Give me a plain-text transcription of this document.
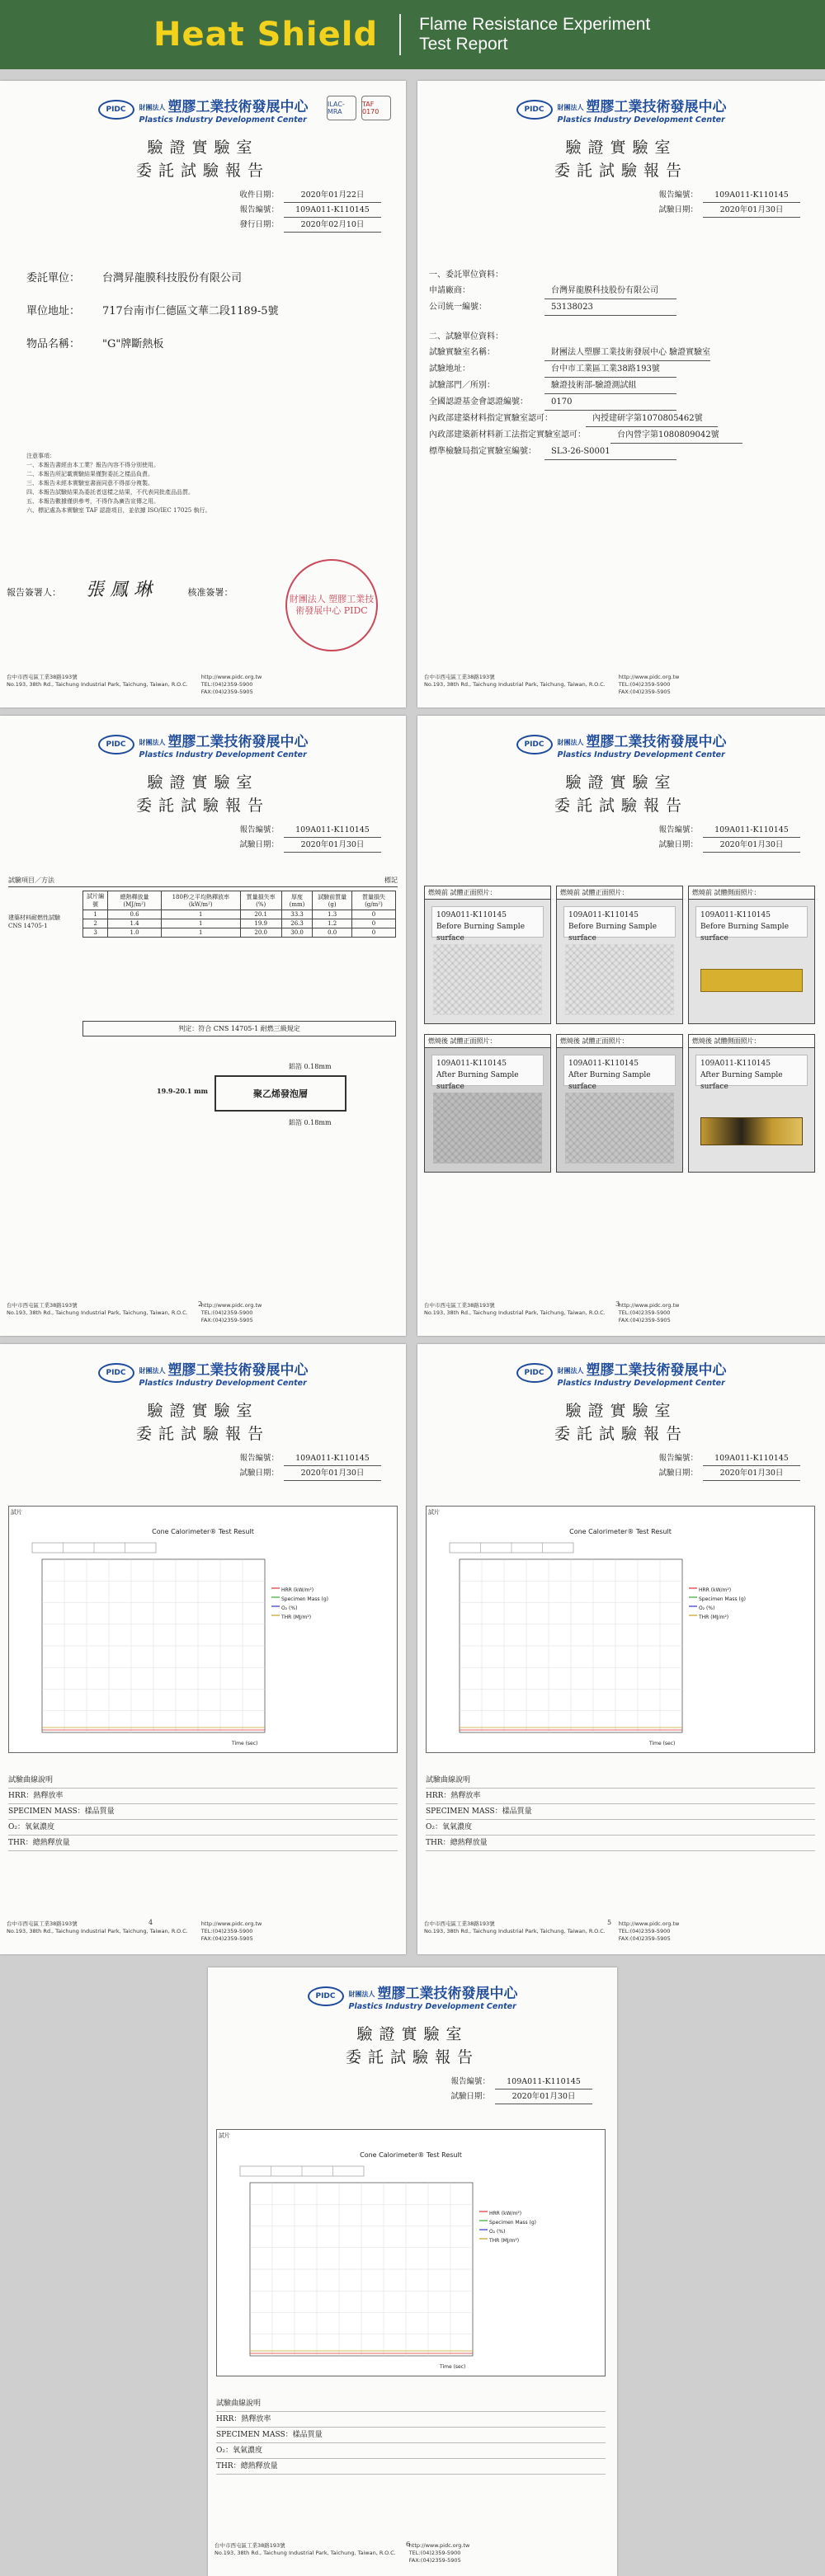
Heat Shield Flame Resistance Experiment
Test Report
PIDC	財團法人 塑膠工業技術發展中心
Plastics Industry Development Center
ILAC-MRA
TAF 0170
驗證實驗室
委託試驗報告
收件日期：	2020年01月22日
報告編號：	109A011-K110145
發行日期：	2020年02月10日
委託單位： 台灣昇龍膜科技股份有限公司
單位地址： 717台南市仁德區文華二段1189-5號
物品名稱： "G"牌斷熱板
注意事項：
一、本報告書經由本工業？報告內容不得分別使用。
二、本報告所記載實驗結果僅對委託之樣品負責。
三、本報告未經本實驗室書面同意不得部分複製。
四、本報告試驗結果為委託者送樣之結果，不代表同批產品品質。
五、本報告數據僅供參考，不得作為廣告宣傳之用。
六、標記處為本實驗室 TAF 認證項目，並依據 ISO/IEC 17025 執行。
報告簽署人： 張 鳳 琳	核准簽署：
財團法人 塑膠工業技術發展中心 PIDC
台中市西屯區工業38路193號
No.193, 38th Rd., Taichung Industrial Park, Taichung, Taiwan, R.O.C.
http://www.pidc.org.tw
TEL:(04)2359-5900
FAX:(04)2359-5905
PIDC	財團法人 塑膠工業技術發展中心
Plastics Industry Development Center
驗證實驗室
委託試驗報告
報告編號：	109A011-K110145
試驗日期：	2020年01月30日
一、委託單位資料：
申請廠商：	台灣昇龍膜科技股份有限公司
公司統一編號：	53138023
二、試驗單位資料：
試驗實驗室名稱：	財團法人塑膠工業技術發展中心 驗證實驗室
試驗地址：	台中市工業區工業38路193號
試驗部門／所別：	驗證技術部-驗證測試組
全國認證基金會認證編號：	0170
內政部建築材料指定實驗室認可：	內授建研字第1070805462號
內政部建築新材料新工法指定實驗室認可：	台內營字第1080809042號
標準檢驗局指定實驗室編號：	SL3-26-S0001
台中市西屯區工業38路193號
No.193, 38th Rd., Taichung Industrial Park, Taichung, Taiwan, R.O.C.
http://www.pidc.org.tw
TEL:(04)2359-5900
FAX:(04)2359-5905
PIDC	財團法人 塑膠工業技術發展中心
Plastics Industry Development Center
驗證實驗室
委託試驗報告
報告編號：	109A011-K110145
試驗日期：	2020年01月30日
試驗項目／方法	標記
建築材料耐燃性試驗 CNS 14705-1
試片編號	總熱釋放量 (MJ/m²)	180秒之平均熱釋放率 (kW/m²)	質量損失率 (%)	厚度 (mm)	試驗前質量 (g)	質量損失 (g/m²)
1	0.6	1	20.1	33.3	1.3	0
2	1.4	1	19.9	26.3	1.2	0
3	1.0	1	20.0	30.0	0.0	0
判定：符合 CNS 14705-1 耐燃三級規定
鋁箔 0.18mm
聚乙烯發泡層
19.9-20.1 mm
鋁箔 0.18mm
2
台中市西屯區工業38路193號
No.193, 38th Rd., Taichung Industrial Park, Taichung, Taiwan, R.O.C.
http://www.pidc.org.tw
TEL:(04)2359-5900
FAX:(04)2359-5905
PIDC	財團法人 塑膠工業技術發展中心
Plastics Industry Development Center
驗證實驗室
委託試驗報告
報告編號：	109A011-K110145
試驗日期：	2020年01月30日
燃燒前 試體正面照片：
109A011-K110145
Before Burning Sample surface
燃燒前 試體正面照片：
109A011-K110145
Before Burning Sample surface
燃燒前 試體側面照片：
109A011-K110145
Before Burning Sample surface
燃燒後 試體正面照片：
109A011-K110145
After Burning Sample surface
燃燒後 試體正面照片：
109A011-K110145
After Burning Sample surface
燃燒後 試體側面照片：
109A011-K110145
After Burning Sample surface
3
台中市西屯區工業38路193號
No.193, 38th Rd., Taichung Industrial Park, Taichung, Taiwan, R.O.C.
http://www.pidc.org.tw
TEL:(04)2359-5900
FAX:(04)2359-5905
PIDC	財團法人 塑膠工業技術發展中心
Plastics Industry Development Center
驗證實驗室
委託試驗報告
報告編號：	109A011-K110145
試驗日期：	2020年01月30日
試片
Cone Calorimeter® Test Result
HRR (kW/m²)
Specimen Mass (g)
O₂ (%)
THR (MJ/m²)
Time (sec)
試驗曲線說明
HRR：熱釋放率
SPECIMEN MASS：樣品質量
O₂：氧氣濃度
THR：總熱釋放量
4
台中市西屯區工業38路193號
No.193, 38th Rd., Taichung Industrial Park, Taichung, Taiwan, R.O.C.
http://www.pidc.org.tw
TEL:(04)2359-5900
FAX:(04)2359-5905
PIDC	財團法人 塑膠工業技術發展中心
Plastics Industry Development Center
驗證實驗室
委託試驗報告
報告編號：	109A011-K110145
試驗日期：	2020年01月30日
試片
Cone Calorimeter® Test Result
HRR (kW/m²)
Specimen Mass (g)
O₂ (%)
THR (MJ/m²)
Time (sec)
試驗曲線說明
HRR：熱釋放率
SPECIMEN MASS：樣品質量
O₂：氧氣濃度
THR：總熱釋放量
5
台中市西屯區工業38路193號
No.193, 38th Rd., Taichung Industrial Park, Taichung, Taiwan, R.O.C.
http://www.pidc.org.tw
TEL:(04)2359-5900
FAX:(04)2359-5905
PIDC	財團法人 塑膠工業技術發展中心
Plastics Industry Development Center
驗證實驗室
委託試驗報告
報告編號：	109A011-K110145
試驗日期：	2020年01月30日
試片
Cone Calorimeter® Test Result
HRR (kW/m²)
Specimen Mass (g)
O₂ (%)
THR (MJ/m²)
Time (sec)
試驗曲線說明
HRR：熱釋放率
SPECIMEN MASS：樣品質量
O₂：氧氣濃度
THR：總熱釋放量
6
台中市西屯區工業38路193號
No.193, 38th Rd., Taichung Industrial Park, Taichung, Taiwan, R.O.C.
http://www.pidc.org.tw
TEL:(04)2359-5900
FAX:(04)2359-5905
